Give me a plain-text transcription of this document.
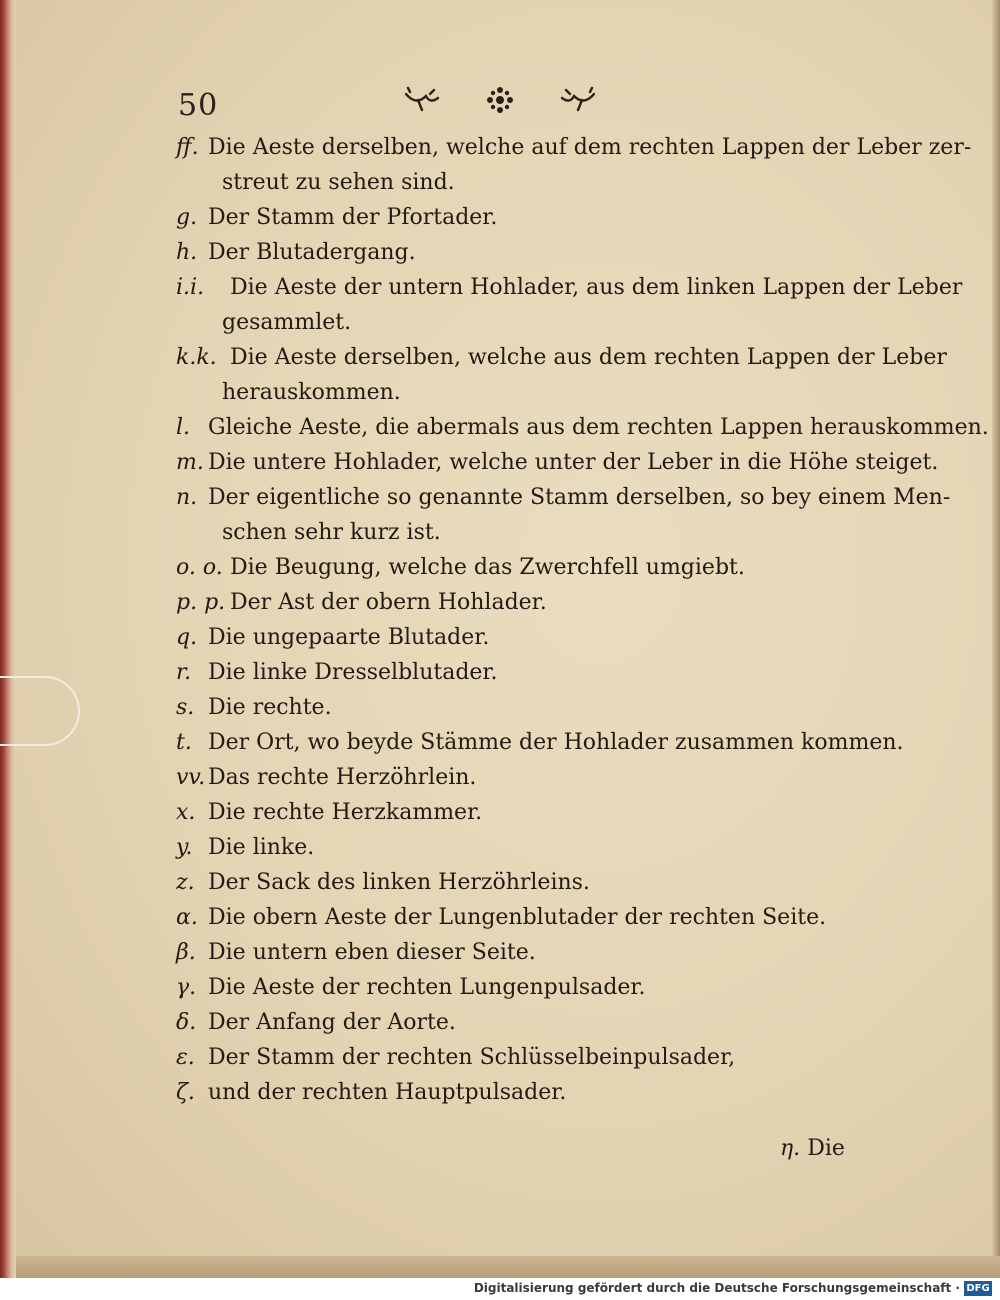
50
ff. Die Aeste derselben, welche auf dem rechten Lappen der Leber zer-
streut zu sehen sind.
g. Der Stamm der Pfortader.
h. Der Blutadergang.
i.i.	Die Aeste der untern Hohlader, aus dem linken Lappen der Leber
gesammlet.
k.k. Die Aeste derselben, welche aus dem rechten Lappen der Leber
herauskommen.
l. Gleiche Aeste, die abermals aus dem rechten Lappen herauskommen.
m. Die untere Hohlader, welche unter der Leber in die Höhe steiget.
n. Der eigentliche so genannte Stamm derselben, so bey einem Men-
schen sehr kurz ist.
o. o. Die Beugung, welche das Zwerchfell umgiebt.
p. p. Der Ast der obern Hohlader.
q. Die ungepaarte Blutader.
r. Die linke Dresselblutader.
s. Die rechte.
t. Der Ort, wo beyde Stämme der Hohlader zusammen kommen.
vv. Das rechte Herzöhrlein.
x. Die rechte Herzkammer.
y. Die linke.
z. Der Sack des linken Herzöhrleins.
α. Die obern Aeste der Lungenblutader der rechten Seite.
β. Die untern eben dieser Seite.
γ. Die Aeste der rechten Lungenpulsader.
δ. Der Anfang der Aorte.
ε. Der Stamm der rechten Schlüsselbeinpulsader,
ζ. und der rechten Hauptpulsader.
η. Die
Digitalisierung gefördert durch die Deutsche Forschungsgemeinschaft · DFG
